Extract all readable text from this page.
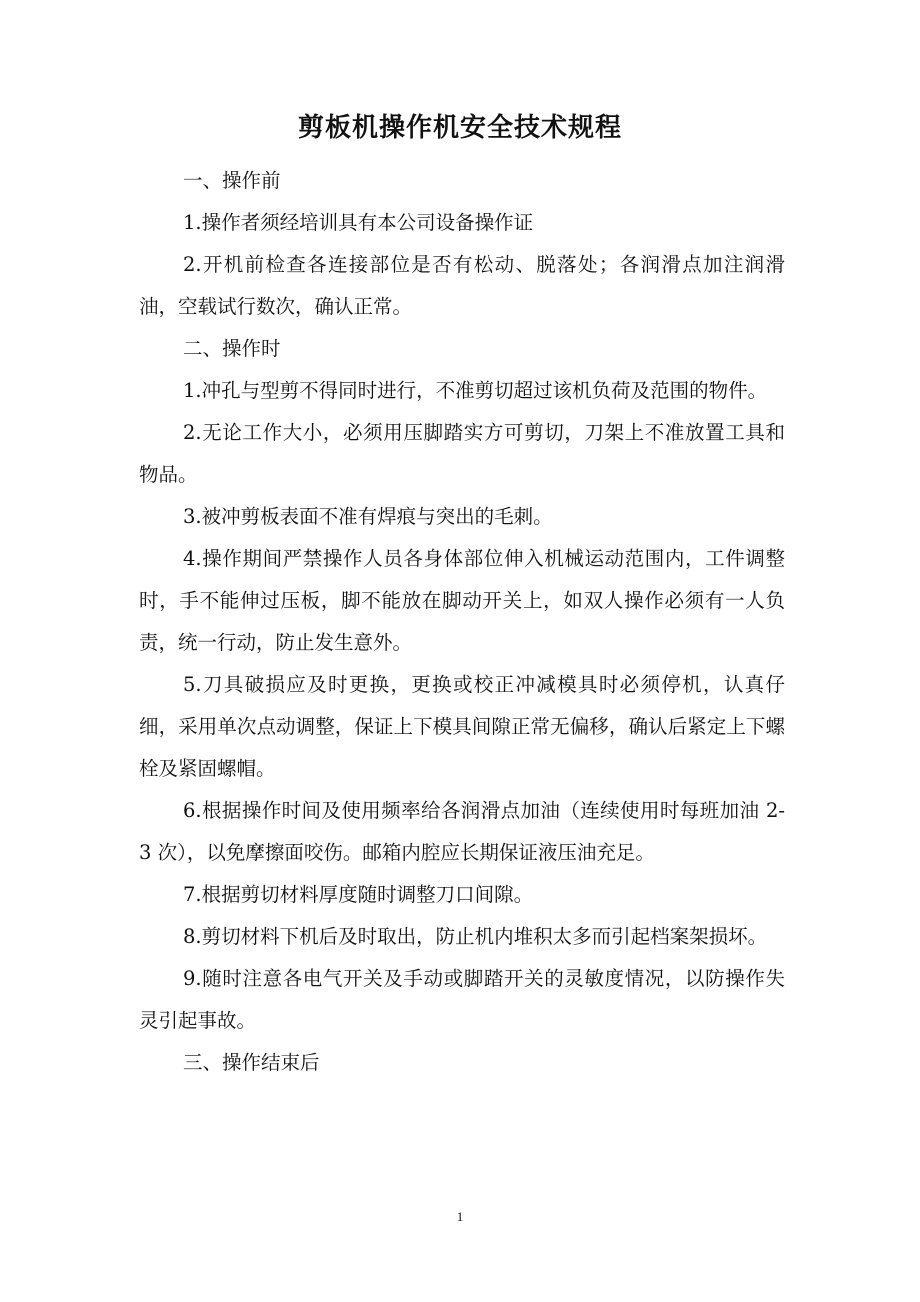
剪板机操作机安全技术规程

一、操作前

1.操作者须经培训具有本公司设备操作证

2.开机前检查各连接部位是否有松动、脱落处；各润滑点加注润滑油，空载试行数次，确认正常。

二、操作时

1.冲孔与型剪不得同时进行，不准剪切超过该机负荷及范围的物件。

2.无论工作大小，必须用压脚踏实方可剪切，刀架上不准放置工具和物品。

3.被冲剪板表面不准有焊痕与突出的毛刺。

4.操作期间严禁操作人员各身体部位伸入机械运动范围内，工件调整时，手不能伸过压板，脚不能放在脚动开关上，如双人操作必须有一人负责，统一行动，防止发生意外。

5.刀具破损应及时更换，更换或校正冲减模具时必须停机，认真仔细，采用单次点动调整，保证上下模具间隙正常无偏移，确认后紧定上下螺栓及紧固螺帽。

6.根据操作时间及使用频率给各润滑点加油（连续使用时每班加油 2-3 次），以免摩擦面咬伤。邮箱内腔应长期保证液压油充足。

7.根据剪切材料厚度随时调整刀口间隙。

8.剪切材料下机后及时取出，防止机内堆积太多而引起档案架损坏。

9.随时注意各电气开关及手动或脚踏开关的灵敏度情况，以防操作失灵引起事故。

三、操作结束后

1
